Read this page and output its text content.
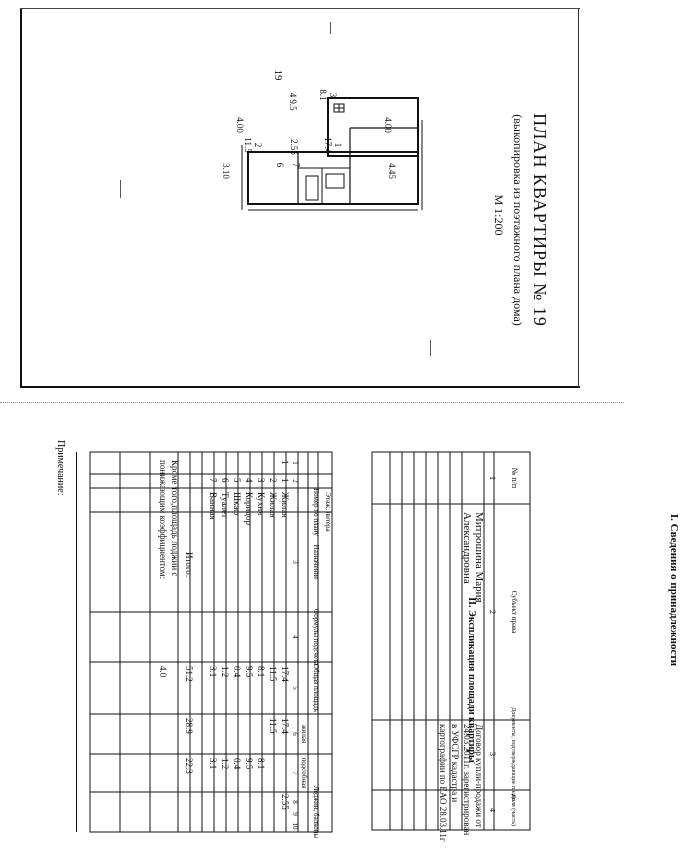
ПЛАН КВАРТИРЫ № 19
(выкопировка из поэтажного плана дома)
М 1:200
19
1
17.4
2
11.5
3
8.1
4
9.5
6 7
4.00
3.10	4.45
4.00
2.55
I. Сведения о принадлежности
№ п/п
Субъект права
Документы, подтверждающие право
Доля (часть)
1
2
3
4
Митрошина Мария
Александровна
Договор купли-продажи от
24.03.2011г. зарегистрирован
в УФСГР кадастра и
картографии по ЕАО 28.03.11г
II. Экспликация площади квартиры
Этаж, литера
Номер по плану
Назначение
Формулы подсчета
Общая площадь
жилая
подсобная
Лоджии, балконы
1
2
3
4
5
6
7
8
9
10
1
1
Жилая
17.4
17.4
2.55
2
Жилая
11.5
11.5
3
Кухня
8.1
8.1
4
Коридор
9.5
9.5
5
Шкаф
0.4
0.4
6
Туалет
1.2
1.2
7
Ванная
3.1
3.1
Итого:
51.2
28.9
22.3
Кроме того,площадь лоджии с
понижающим коэффициентом:
4.0
Примечание:
